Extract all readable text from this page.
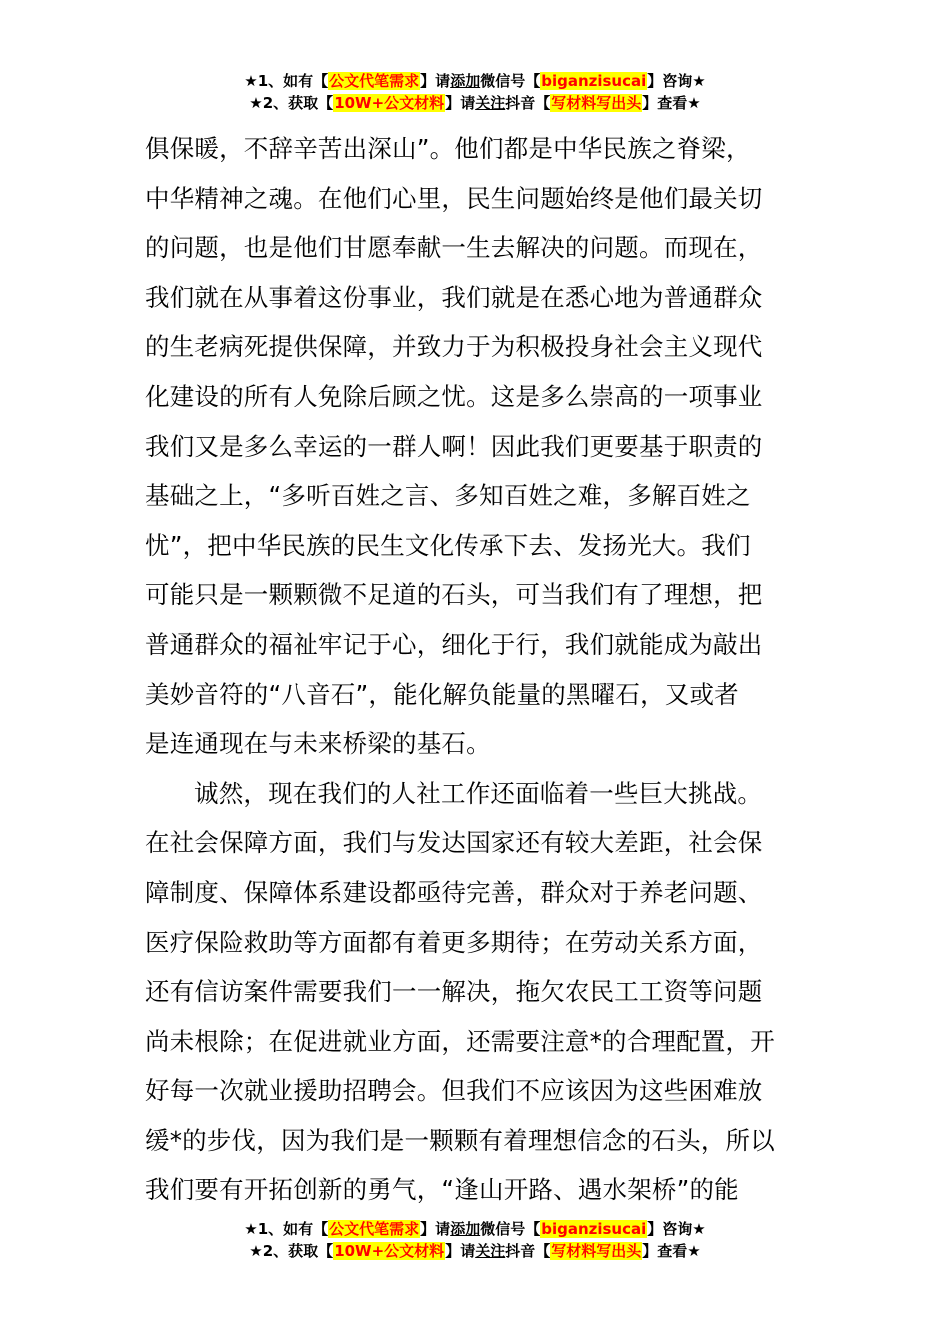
★1、如有【公文代笔需求】请添加微信号【biganzisucai】咨询★
★2、获取【10W+公文材料】请关注抖音【写材料写出头】查看★
俱保暖，不辞辛苦出深山”。他们都是中华民族之脊梁，
中华精神之魂。在他们心里，民生问题始终是他们最关切
的问题，也是他们甘愿奉献一生去解决的问题。而现在，
我们就在从事着这份事业，我们就是在悉心地为普通群众
的生老病死提供保障，并致力于为积极投身社会主义现代
化建设的所有人免除后顾之忧。这是多么崇高的一项事业
我们又是多么幸运的一群人啊！因此我们更要基于职责的
基础之上，“多听百姓之言、多知百姓之难，多解百姓之
忧”，把中华民族的民生文化传承下去、发扬光大。我们
可能只是一颗颗微不足道的石头，可当我们有了理想，把
普通群众的福祉牢记于心，细化于行，我们就能成为敲出
美妙音符的“八音石”，能化解负能量的黑曜石，又或者
是连通现在与未来桥梁的基石。
诚然，现在我们的人社工作还面临着一些巨大挑战。
在社会保障方面，我们与发达国家还有较大差距，社会保
障制度、保障体系建设都亟待完善，群众对于养老问题、
医疗保险救助等方面都有着更多期待；在劳动关系方面，
还有信访案件需要我们一一解决，拖欠农民工工资等问题
尚未根除；在促进就业方面，还需要注意*的合理配置，开
好每一次就业援助招聘会。但我们不应该因为这些困难放
缓*的步伐，因为我们是一颗颗有着理想信念的石头，所以
我们要有开拓创新的勇气，“逢山开路、遇水架桥”的能
★1、如有【公文代笔需求】请添加微信号【biganzisucai】咨询★
★2、获取【10W+公文材料】请关注抖音【写材料写出头】查看★
